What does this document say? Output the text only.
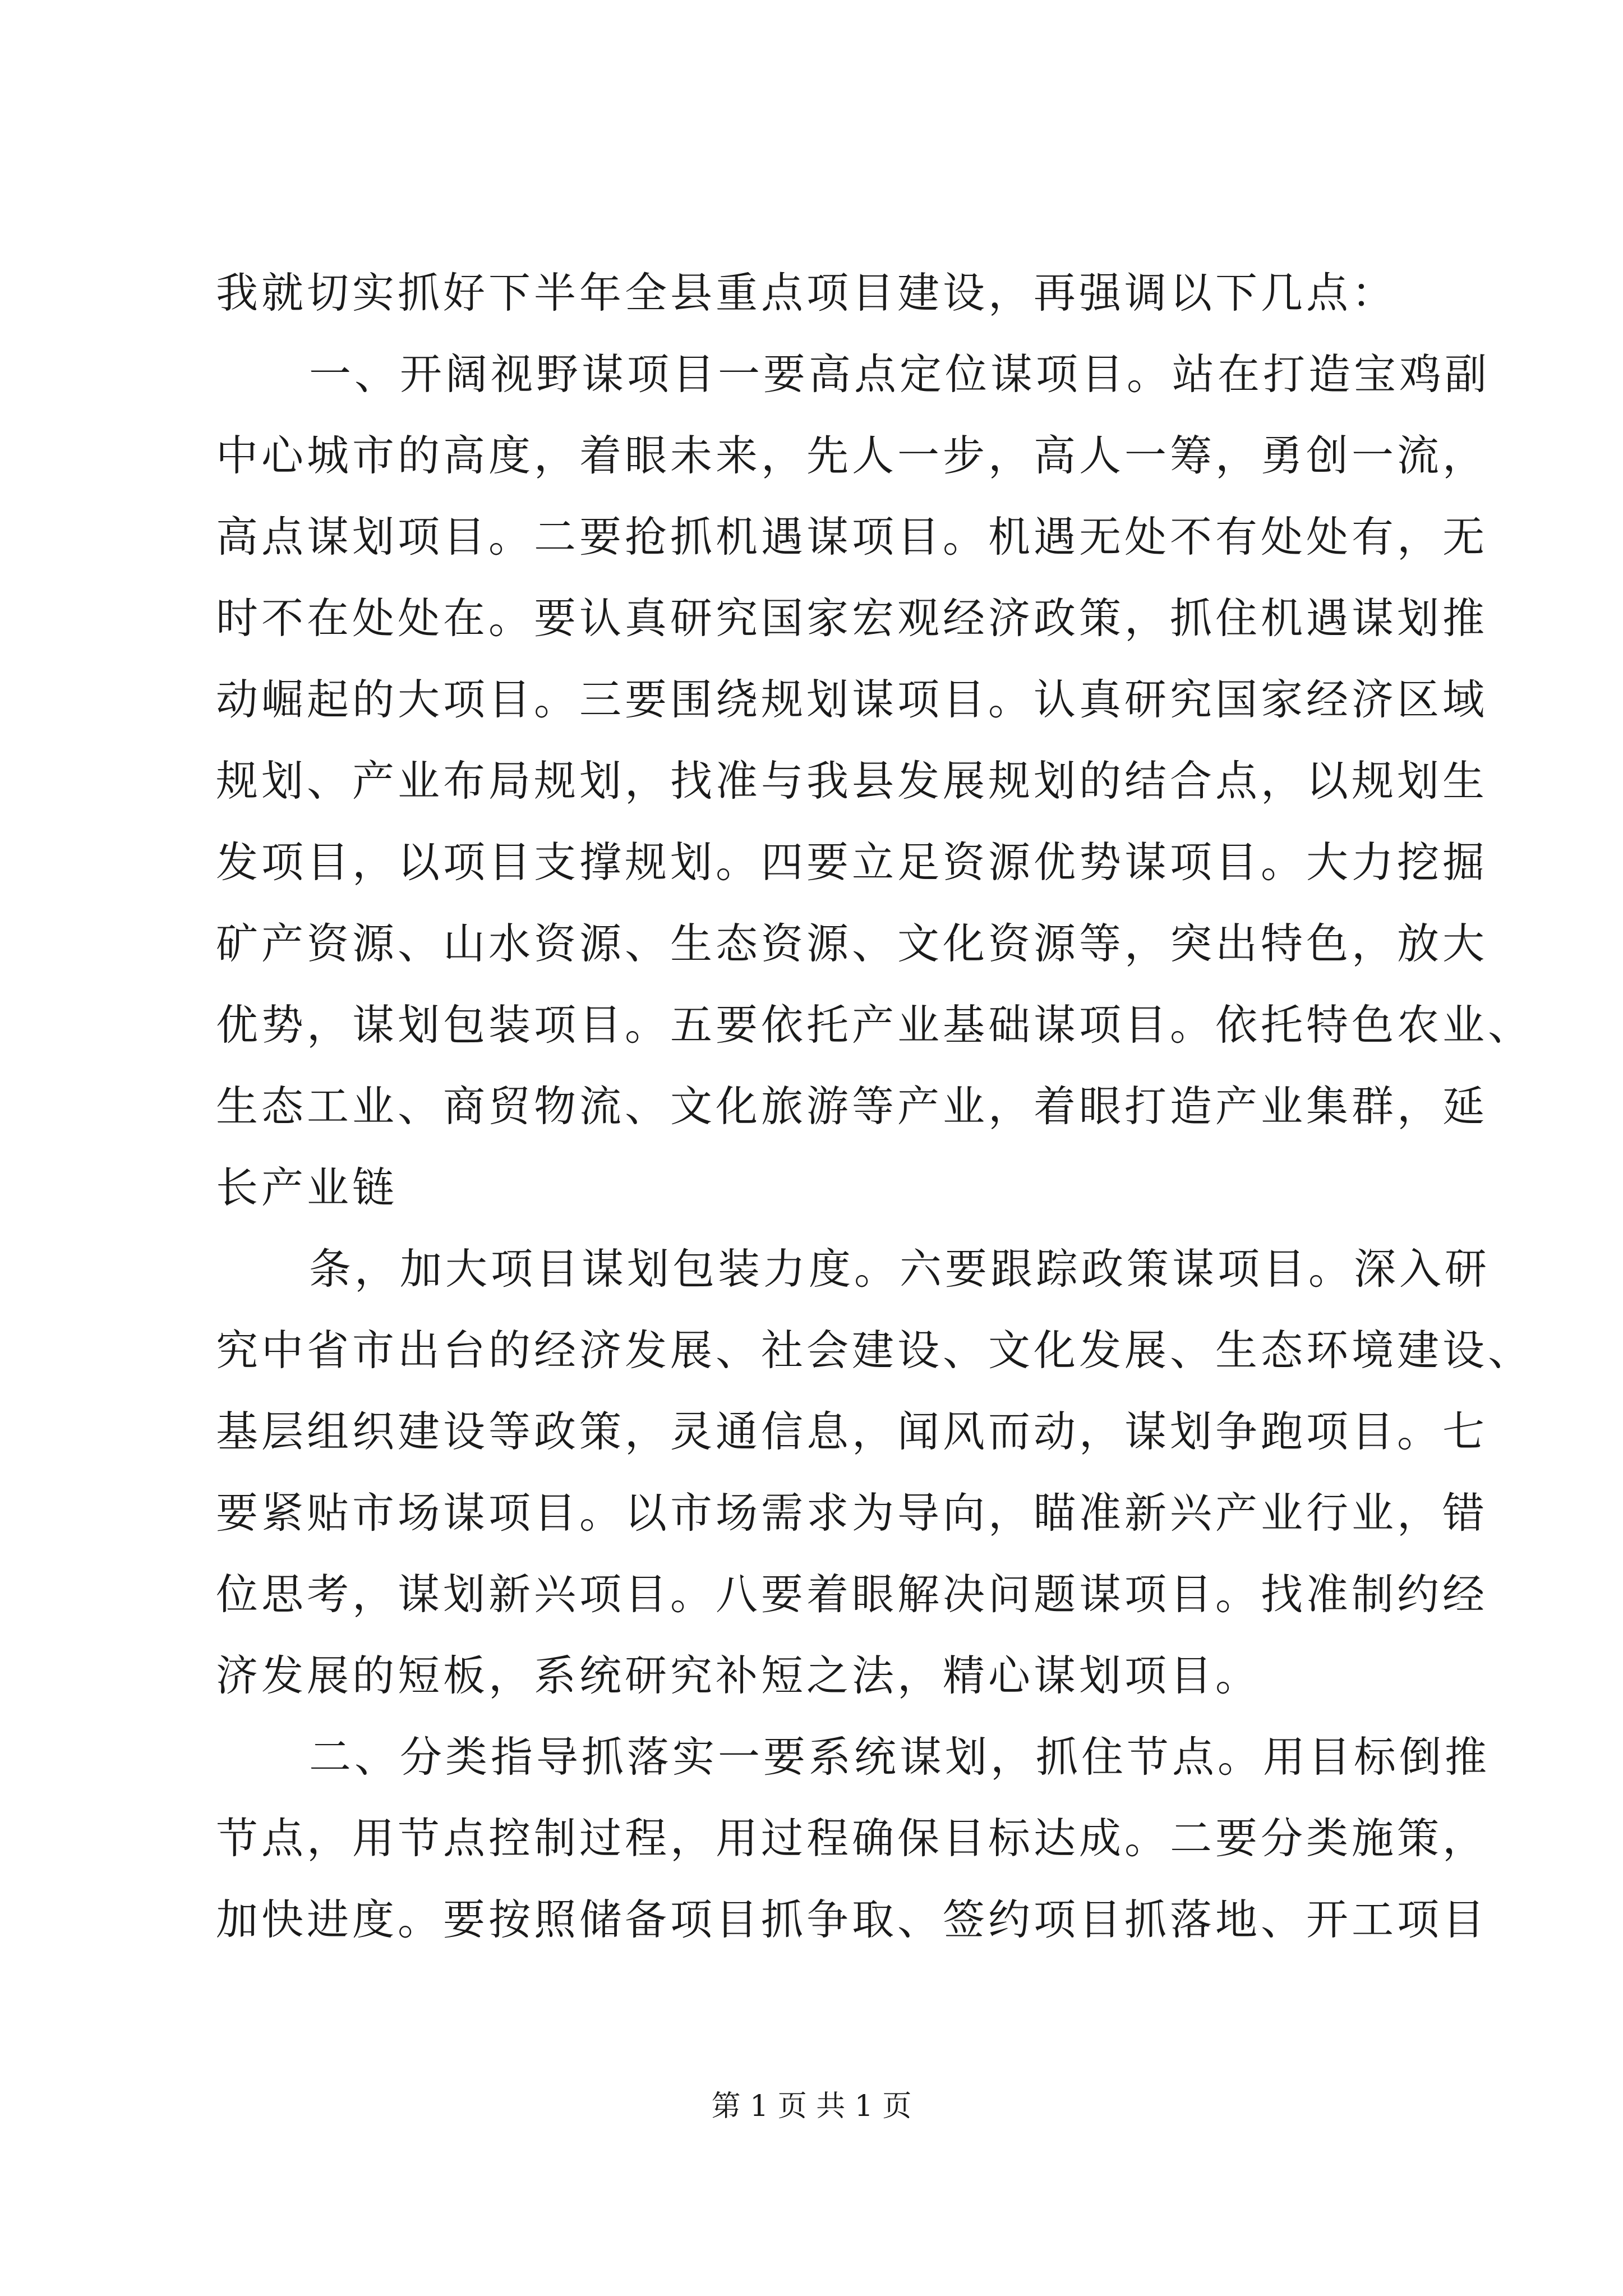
我就切实抓好下半年全县重点项目建设，再强调以下几点：
一、开阔视野谋项目一要高点定位谋项目。站在打造宝鸡副
中心城市的高度，着眼未来，先人一步，高人一筹，勇创一流，
高点谋划项目。二要抢抓机遇谋项目。机遇无处不有处处有，无
时不在处处在。要认真研究国家宏观经济政策，抓住机遇谋划推
动崛起的大项目。三要围绕规划谋项目。认真研究国家经济区域
规划、产业布局规划，找准与我县发展规划的结合点，以规划生
发项目，以项目支撑规划。四要立足资源优势谋项目。大力挖掘
矿产资源、山水资源、生态资源、文化资源等，突出特色，放大
优势，谋划包装项目。五要依托产业基础谋项目。依托特色农业、
生态工业、商贸物流、文化旅游等产业，着眼打造产业集群，延
长产业链
条，加大项目谋划包装力度。六要跟踪政策谋项目。深入研
究中省市出台的经济发展、社会建设、文化发展、生态环境建设、
基层组织建设等政策，灵通信息，闻风而动，谋划争跑项目。七
要紧贴市场谋项目。以市场需求为导向，瞄准新兴产业行业，错
位思考，谋划新兴项目。八要着眼解决问题谋项目。找准制约经
济发展的短板，系统研究补短之法，精心谋划项目。
二、分类指导抓落实一要系统谋划，抓住节点。用目标倒推
节点，用节点控制过程，用过程确保目标达成。二要分类施策，
加快进度。要按照储备项目抓争取、签约项目抓落地、开工项目
第 1 页 共 1 页
